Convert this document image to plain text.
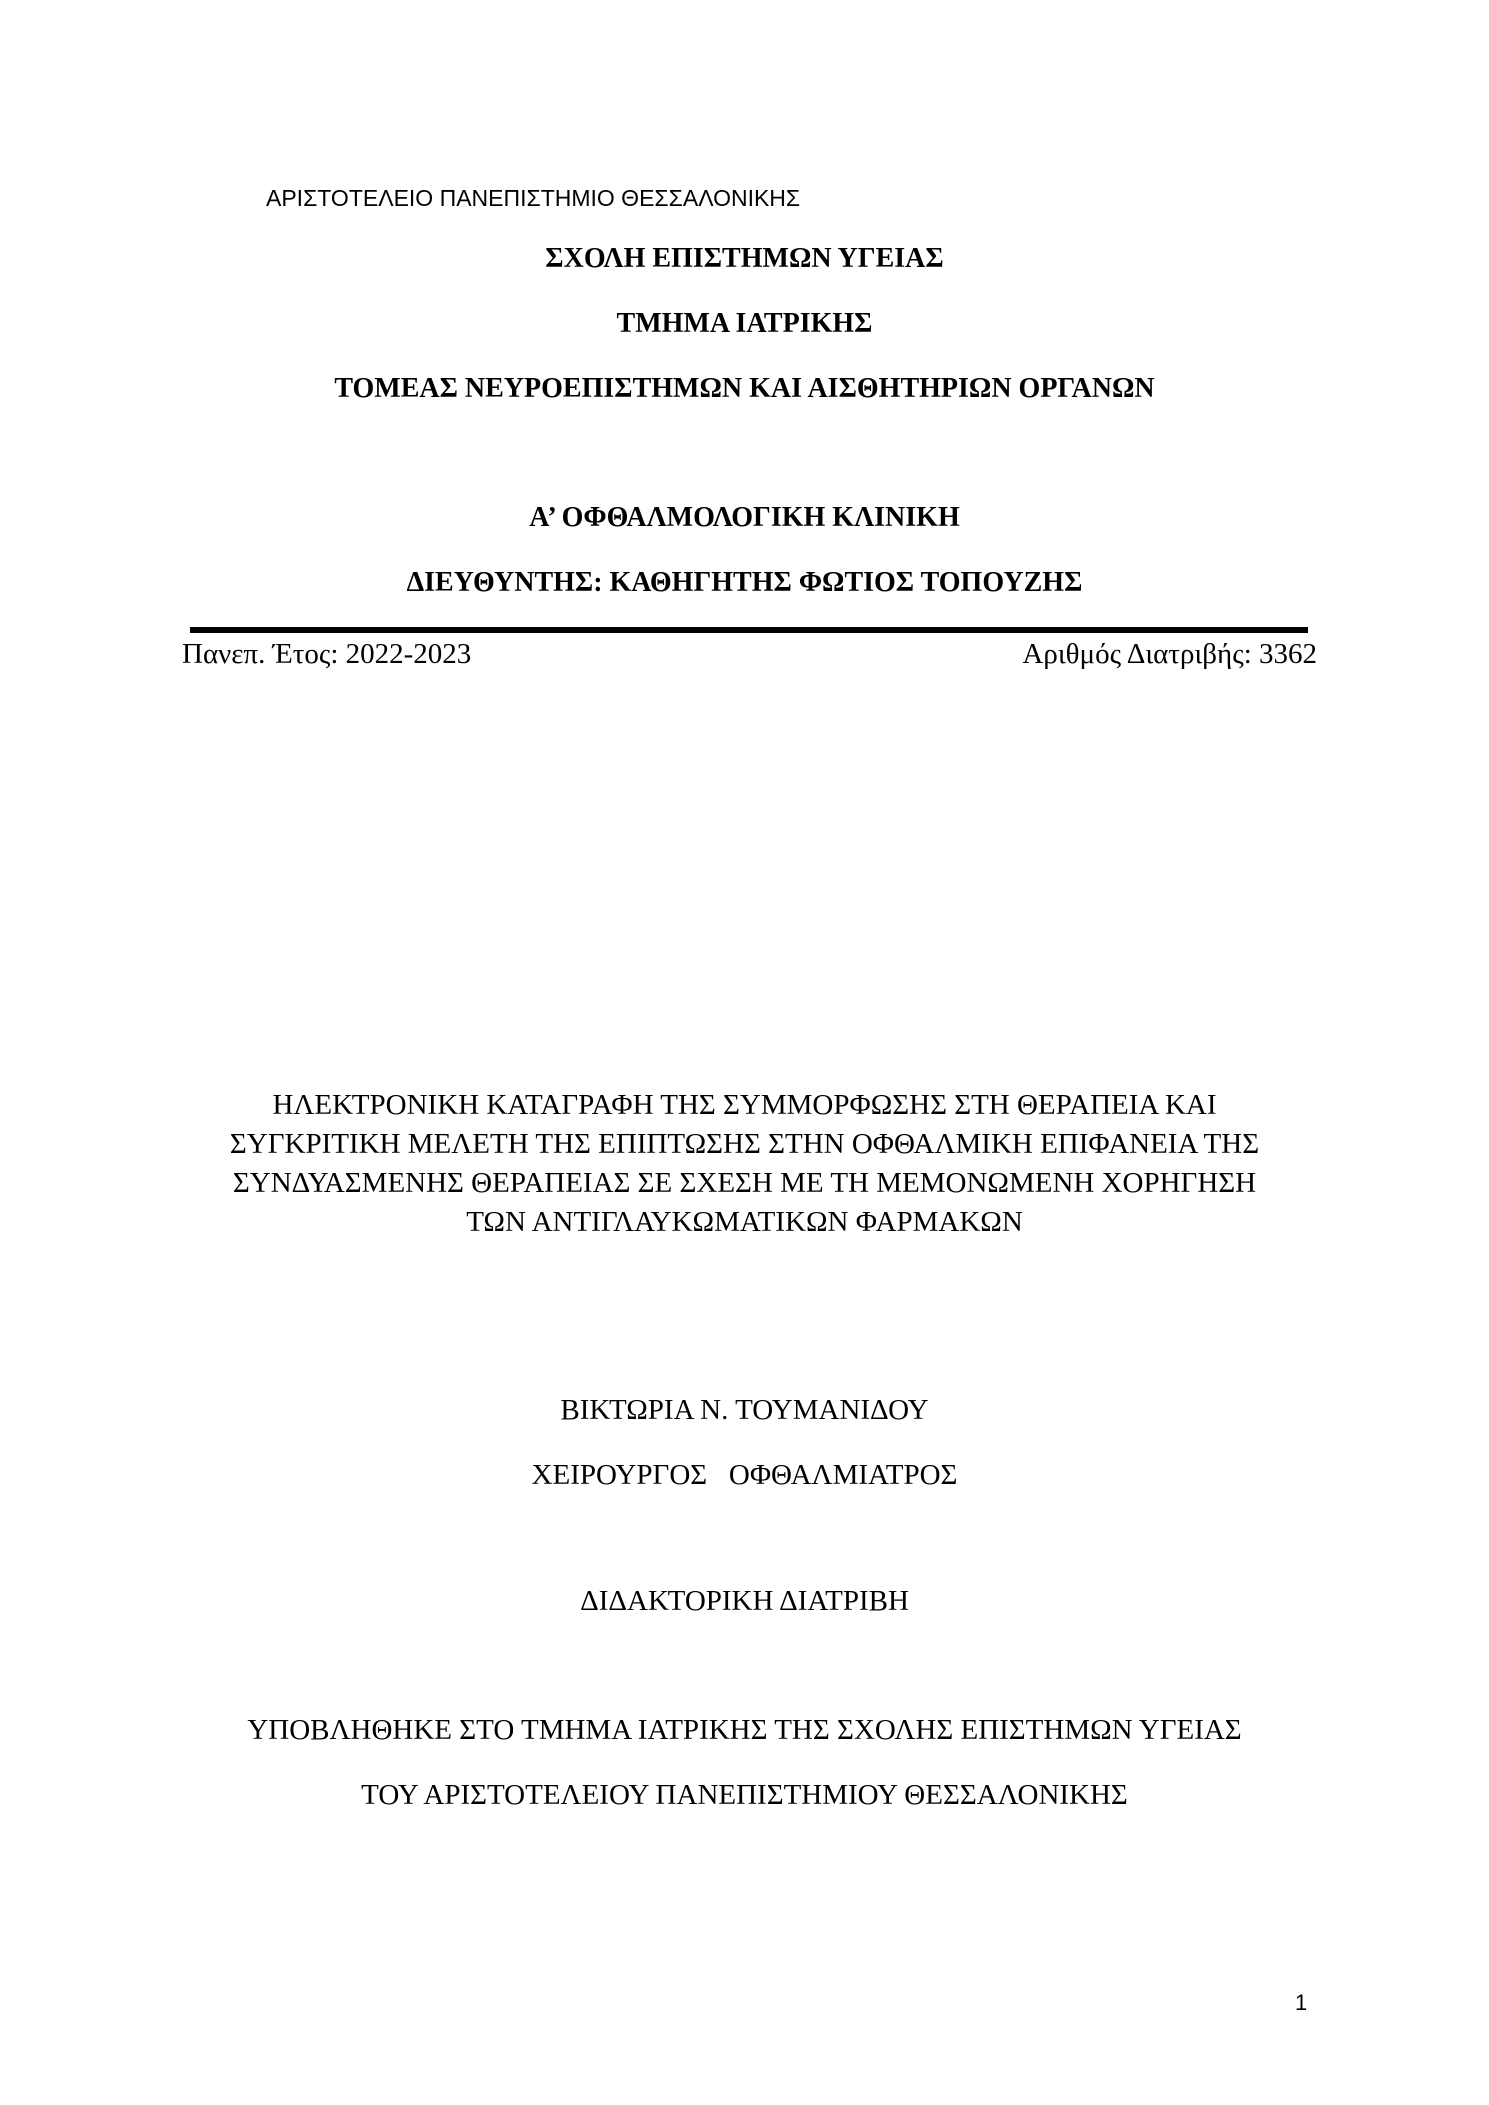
ΑΡΙΣΤΟΤΕΛΕΙΟ ΠΑΝΕΠΙΣΤΗΜΙΟ ΘΕΣΣΑΛΟΝΙΚΗΣ
ΣΧΟΛΗ ΕΠΙΣΤΗΜΩΝ ΥΓΕΙΑΣ
ΤΜΗΜΑ ΙΑΤΡΙΚΗΣ
ΤΟΜΕΑΣ ΝΕΥΡΟΕΠΙΣΤΗΜΩΝ ΚΑΙ ΑΙΣΘΗΤΗΡΙΩΝ ΟΡΓΑΝΩΝ
Α’ ΟΦΘΑΛΜΟΛΟΓΙΚΗ ΚΛΙΝΙΚΗ
ΔΙΕΥΘΥΝΤΗΣ: ΚΑΘΗΓΗΤΗΣ ΦΩΤΙΟΣ ΤΟΠΟΥΖΗΣ
Πανεπ. Έτος: 2022-2023	Αριθμός Διατριβής: 3362
ΗΛΕΚΤΡΟΝΙΚΗ ΚΑΤΑΓΡΑΦΗ ΤΗΣ ΣΥΜΜΟΡΦΩΣΗΣ ΣΤΗ ΘΕΡΑΠΕΙΑ ΚΑΙ
ΣΥΓΚΡΙΤΙΚΗ ΜΕΛΕΤΗ ΤΗΣ ΕΠΙΠΤΩΣΗΣ ΣΤΗΝ ΟΦΘΑΛΜΙΚΗ ΕΠΙΦΑΝΕΙΑ ΤΗΣ
ΣΥΝΔΥΑΣΜΕΝΗΣ ΘΕΡΑΠΕΙΑΣ ΣΕ ΣΧΕΣΗ ΜΕ ΤΗ ΜΕΜΟΝΩΜΕΝΗ ΧΟΡΗΓΗΣΗ
ΤΩΝ ΑΝΤΙΓΛΑΥΚΩΜΑΤΙΚΩΝ ΦΑΡΜΑΚΩΝ
ΒΙΚΤΩΡΙΑ Ν. ΤΟΥΜΑΝΙΔΟΥ
ΧΕΙΡΟΥΡΓΟΣ   ΟΦΘΑΛΜΙΑΤΡΟΣ
ΔΙΔΑΚΤΟΡΙΚΗ ΔΙΑΤΡΙΒΗ
ΥΠΟΒΛΗΘΗΚΕ ΣΤΟ ΤΜΗΜΑ ΙΑΤΡΙΚΗΣ ΤΗΣ ΣΧΟΛΗΣ ΕΠΙΣΤΗΜΩΝ ΥΓΕΙΑΣ
ΤΟΥ ΑΡΙΣΤΟΤΕΛΕΙΟΥ ΠΑΝΕΠΙΣΤΗΜΙΟΥ ΘΕΣΣΑΛΟΝΙΚΗΣ
1
